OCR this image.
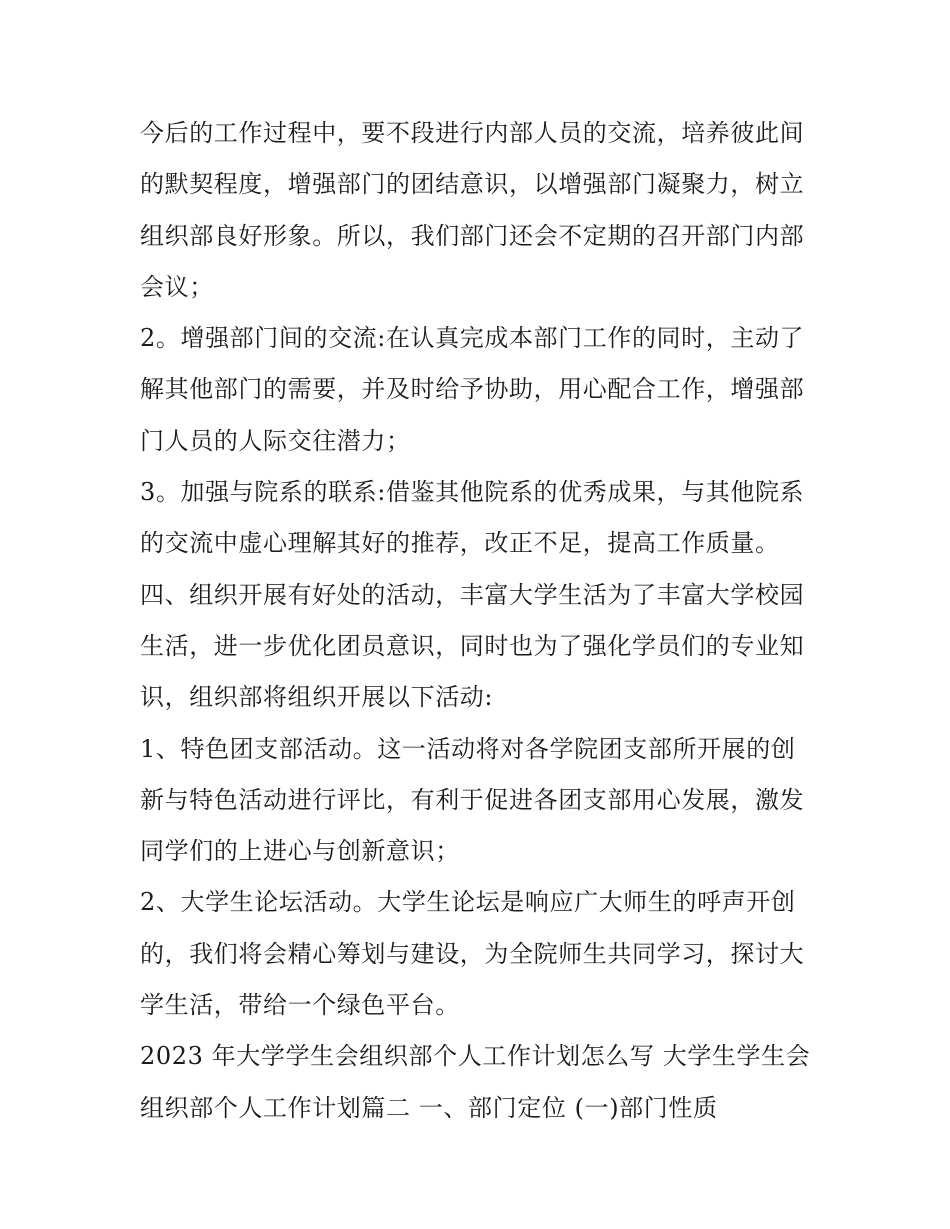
今后的工作过程中，要不段进行内部人员的交流，培养彼此间
的默契程度，增强部门的团结意识，以增强部门凝聚力，树立
组织部良好形象。所以，我们部门还会不定期的召开部门内部
会议；
2。增强部门间的交流:在认真完成本部门工作的同时，主动了
解其他部门的需要，并及时给予协助，用心配合工作，增强部
门人员的人际交往潜力；
3。加强与院系的联系:借鉴其他院系的优秀成果，与其他院系
的交流中虚心理解其好的推荐，改正不足，提高工作质量。
四、组织开展有好处的活动，丰富大学生活为了丰富大学校园
生活，进一步优化团员意识，同时也为了强化学员们的专业知
识，组织部将组织开展以下活动:
1、特色团支部活动。这一活动将对各学院团支部所开展的创
新与特色活动进行评比，有利于促进各团支部用心发展，激发
同学们的上进心与创新意识；
2、大学生论坛活动。大学生论坛是响应广大师生的呼声开创
的，我们将会精心筹划与建设，为全院师生共同学习，探讨大
学生活，带给一个绿色平台。
2023 年大学学生会组织部个人工作计划怎么写 大学生学生会
组织部个人工作计划篇二 一、部门定位 (一)部门性质
